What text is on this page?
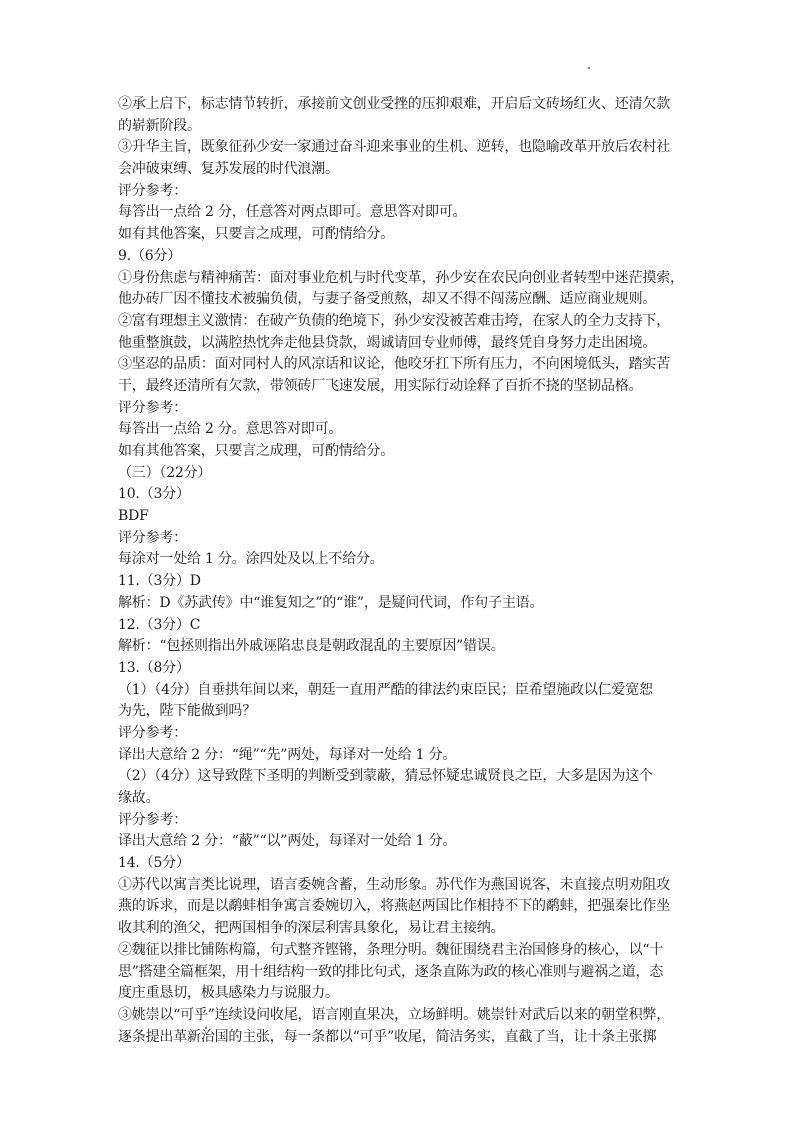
②承上启下，标志情节转折，承接前文创业受挫的压抑艰难，开启后文砖场红火、还清欠款
的崭新阶段。
③升华主旨，既象征孙少安一家通过奋斗迎来事业的生机、逆转，也隐喻改革开放后农村社
会冲破束缚、复苏发展的时代浪潮。
评分参考：
每答出一点给 2 分，任意答对两点即可。意思答对即可。
如有其他答案，只要言之成理，可酌情给分。
9.（6分）
①身份焦虑与精神痛苦：面对事业危机与时代变革，孙少安在农民向创业者转型中迷茫摸索，
他办砖厂因不懂技术被骗负债，与妻子备受煎熬，却又不得不闯荡应酬、适应商业规则。
②富有理想主义激情：在破产负债的绝境下，孙少安没被苦难击垮，在家人的全力支持下，
他重整旗鼓，以满腔热忱奔走他县贷款，竭诚请回专业师傅，最终凭自身努力走出困境。
③坚忍的品质：面对同村人的风凉话和议论，他咬牙扛下所有压力，不向困境低头，踏实苦
干，最终还清所有欠款，带领砖厂飞速发展，用实际行动诠释了百折不挠的坚韧品格。
评分参考：
每答出一点给 2 分。意思答对即可。
如有其他答案，只要言之成理，可酌情给分。
（三）（22分）
10.（3分）
BDF
评分参考：
每涂对一处给 1 分。涂四处及以上不给分。
11.（3分）D
解析：D《苏武传》中“谁复知之”的“谁”，是疑问代词，作句子主语。
12.（3分）C
解析：“包拯则指出外戚诬陷忠良是朝政混乱的主要原因”错误。
13.（8分）
（1）（4分）自垂拱年间以来，朝廷一直用严酷的律法约束臣民；臣希望施政以仁爱宽恕
为先，陛下能做到吗？
评分参考：
译出大意给 2 分：“绳”“先”两处，每译对一处给 1 分。
（2）（4分）这导致陛下圣明的判断受到蒙蔽，猜忌怀疑忠诚贤良之臣，大多是因为这个
缘故。
评分参考：
译出大意给 2 分：“蔽”“以”两处，每译对一处给 1 分。
14.（5分）
①苏代以寓言类比说理，语言委婉含蓄，生动形象。苏代作为燕国说客，未直接点明劝阻攻
燕的诉求，而是以鹬蚌相争寓言委婉切入，将燕赵两国比作相持不下的鹬蚌，把强秦比作坐
收其利的渔父，把两国相争的深层利害具象化，易让君主接纳。
②魏征以排比铺陈构篇，句式整齐铿锵，条理分明。魏征围绕君主治国修身的核心，以“十
思”搭建全篇框架，用十组结构一致的排比句式，逐条直陈为政的核心准则与避祸之道，态
度庄重恳切，极具感染力与说服力。
③姚崇以“可乎”连续设问收尾，语言刚直果决，立场鲜明。姚崇针对武后以来的朝堂积弊，
逐条提出革新治国的主张，每一条都以“可乎”收尾，简洁务实，直截了当，让十条主张掷
